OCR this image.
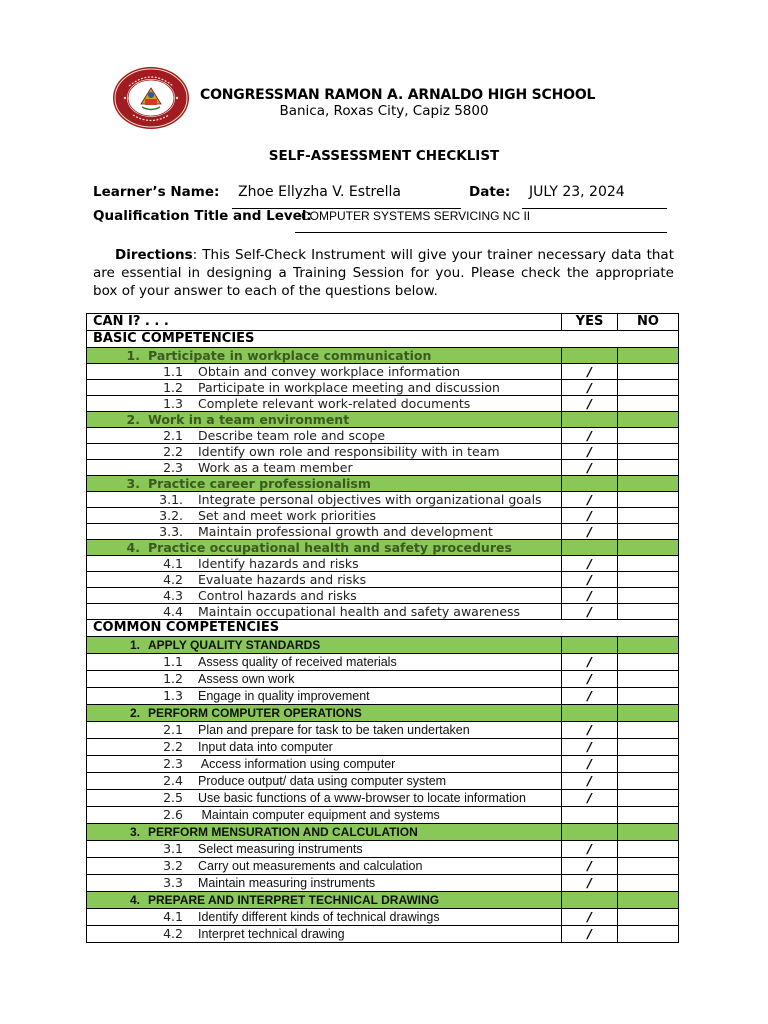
CONGRESSMAN RAMON A. ARNALDO HIGH SCHOOL
Banica, Roxas City, Capiz 5800
SELF-ASSESSMENT CHECKLIST
Learner’s Name: Zhoe Ellyzha V. Estrella	Date: JULY 23, 2024
Qualification Title and Level:
COMPUTER SYSTEMS SERVICING NC II
Directions: This Self-Check Instrument will give your trainer necessary data that are essential in designing a Training Session for you. Please check the appropriate box of your answer to each of the questions below.
CAN I? . . .	YES	NO
BASIC COMPETENCIES		
1. Participate in workplace communication		
1.1 Obtain and convey workplace information	/	
1.2 Participate in workplace meeting and discussion	/	
1.3 Complete relevant work-related documents	/	
2. Work in a team environment		
2.1 Describe team role and scope	/	
2.2 Identify own role and responsibility with in team	/	
2.3 Work as a team member	/	
3. Practice career professionalism		
3.1. Integrate personal objectives with organizational goals	/	
3.2. Set and meet work priorities	/	
3.3. Maintain professional growth and development	/	
4. Practice occupational health and safety procedures		
4.1 Identify hazards and risks	/	
4.2 Evaluate hazards and risks	/	
4.3 Control hazards and risks	/	
4.4 Maintain occupational health and safety awareness	/	
COMMON COMPETENCIES		
1. APPLY QUALITY STANDARDS		
1.1 Assess quality of received materials	/	
1.2 Assess own work	/	
1.3 Engage in quality improvement	/	
2. PERFORM COMPUTER OPERATIONS		
2.1 Plan and prepare for task to be taken undertaken	/	
2.2 Input data into computer	/	
2.3 Access information using computer	/	
2.4 Produce output/ data using computer system	/	
2.5 Use basic functions of a www-browser to locate information	/	
2.6 Maintain computer equipment and systems		
3. PERFORM MENSURATION AND CALCULATION		
3.1 Select measuring instruments	/	
3.2 Carry out measurements and calculation	/	
3.3 Maintain measuring instruments	/	
4. PREPARE AND INTERPRET TECHNICAL DRAWING		
4.1 Identify different kinds of technical drawings	/	
4.2 Interpret technical drawing	/	
